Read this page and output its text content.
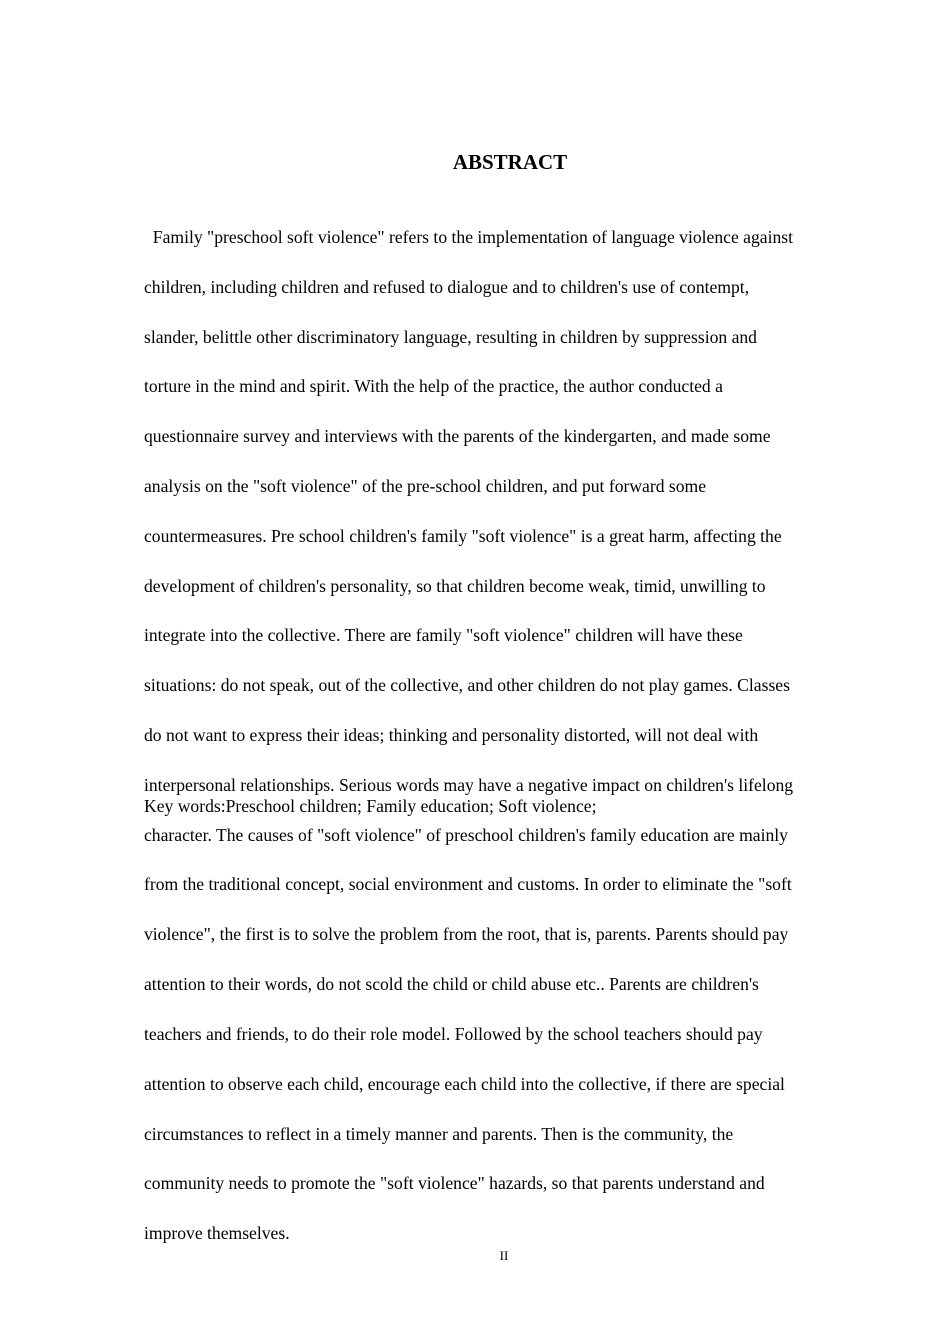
ABSTRACT

Family "preschool soft violence" refers to the implementation of language violence against

children, including children and refused to dialogue and to children's use of contempt,

slander, belittle other discriminatory language, resulting in children by suppression and

torture in the mind and spirit. With the help of the practice, the author conducted a

questionnaire survey and interviews with the parents of the kindergarten, and made some

analysis on the "soft violence" of the pre-school children, and put forward some

countermeasures. Pre school children's family "soft violence" is a great harm, affecting the

development of children's personality, so that children become weak, timid, unwilling to

integrate into the collective. There are family "soft violence" children will have these

situations: do not speak, out of the collective, and other children do not play games. Classes

do not want to express their ideas; thinking and personality distorted, will not deal with

interpersonal relationships. Serious words may have a negative impact on children's lifelong

character. The causes of "soft violence" of preschool children's family education are mainly

from the traditional concept, social environment and customs. In order to eliminate the "soft

violence", the first is to solve the problem from the root, that is, parents. Parents should pay

attention to their words, do not scold the child or child abuse etc.. Parents are children's

teachers and friends, to do their role model. Followed by the school teachers should pay

attention to observe each child, encourage each child into the collective, if there are special

circumstances to reflect in a timely manner and parents. Then is the community, the

community needs to promote the "soft violence" hazards, so that parents understand and

improve themselves.

Key words:Preschool children; Family education; Soft violence;

II
